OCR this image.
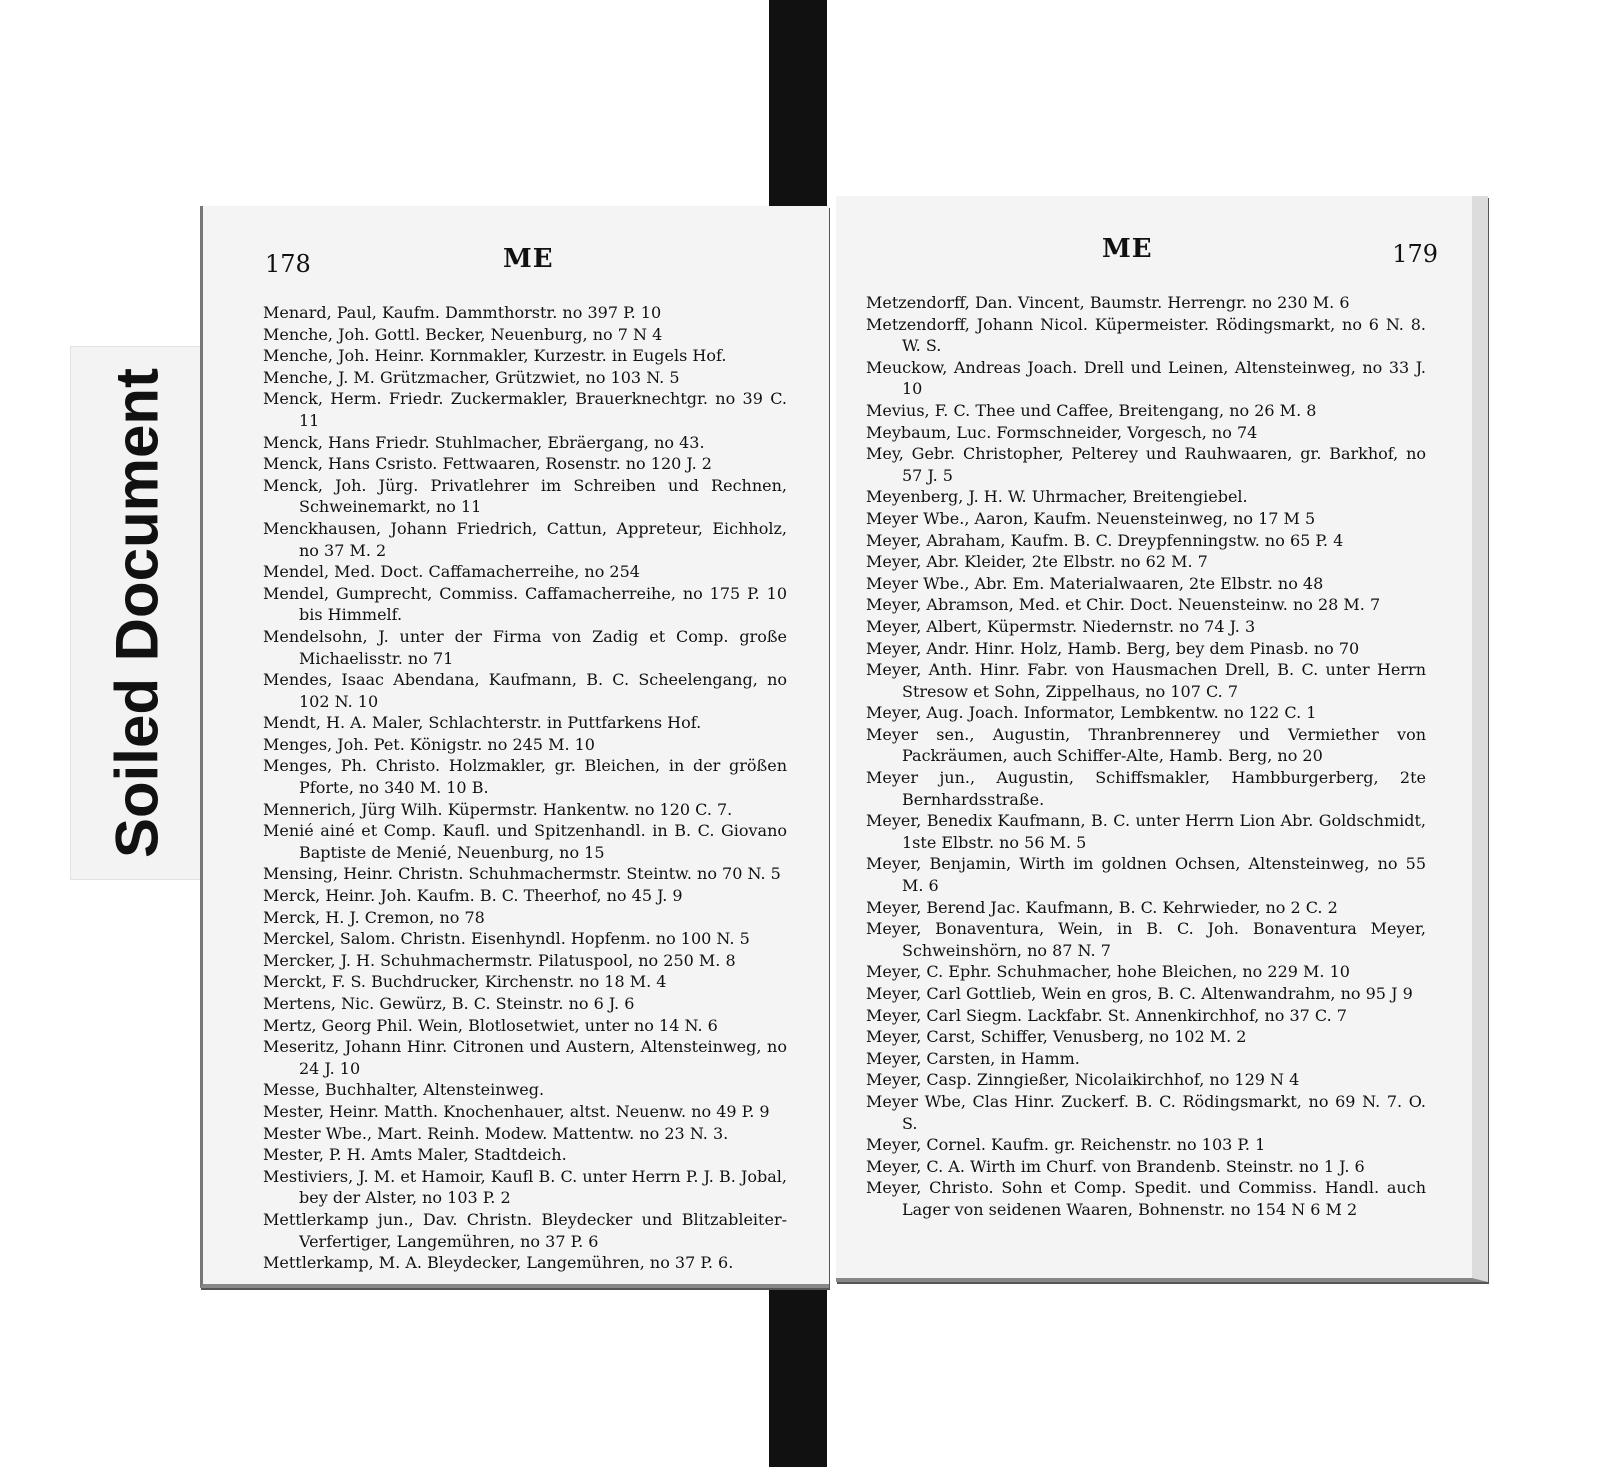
Soiled Document
178	ME
Menard, Paul, Kaufm. Dammthorstr. no 397 P. 10
Menche, Joh. Gottl. Becker, Neuenburg, no 7 N 4
Menche, Joh. Heinr. Kornmakler, Kurzestr. in Eugels Hof.
Menche, J. M. Grützmacher, Grützwiet, no 103 N. 5
Menck, Herm. Friedr. Zuckermakler, Brauerknechtgr. no 39 C. 11
Menck, Hans Friedr. Stuhlmacher, Ebräergang, no 43.
Menck, Hans Csristo. Fettwaaren, Rosenstr. no 120 J. 2
Menck, Joh. Jürg. Privatlehrer im Schreiben und Rechnen, Schweinemarkt, no 11
Menckhausen, Johann Friedrich, Cattun, Appreteur, Eichholz, no 37 M. 2
Mendel, Med. Doct. Caffamacherreihe, no 254
Mendel, Gumprecht, Commiss. Caffamacherreihe, no 175 P. 10 bis Himmelf.
Mendelsohn, J. unter der Firma von Zadig et Comp. große Michaelisstr. no 71
Mendes, Isaac Abendana, Kaufmann, B. C. Scheelengang, no 102 N. 10
Mendt, H. A. Maler, Schlachterstr. in Puttfarkens Hof.
Menges, Joh. Pet. Königstr. no 245 M. 10
Menges, Ph. Christo. Holzmakler, gr. Bleichen, in der größen Pforte, no 340 M. 10 B.
Mennerich, Jürg Wilh. Küpermstr. Hankentw. no 120 C. 7.
Menié ainé et Comp. Kaufl. und Spitzenhandl. in B. C. Giovano Baptiste de Menié, Neuenburg, no 15
Mensing, Heinr. Christn. Schuhmachermstr. Steintw. no 70 N. 5
Merck, Heinr. Joh. Kaufm. B. C. Theerhof, no 45 J. 9
Merck, H. J. Cremon, no 78
Merckel, Salom. Christn. Eisenhyndl. Hopfenm. no 100 N. 5
Mercker, J. H. Schuhmachermstr. Pilatuspool, no 250 M. 8
Merckt, F. S. Buchdrucker, Kirchenstr. no 18 M. 4
Mertens, Nic. Gewürz, B. C. Steinstr. no 6 J. 6
Mertz, Georg Phil. Wein, Blotlosetwiet, unter no 14 N. 6
Meseritz, Johann Hinr. Citronen und Austern, Altensteinweg, no 24 J. 10
Messe, Buchhalter, Altensteinweg.
Mester, Heinr. Matth. Knochenhauer, altst. Neuenw. no 49 P. 9
Mester Wbe., Mart. Reinh. Modew. Mattentw. no 23 N. 3.
Mester, P. H. Amts Maler, Stadtdeich.
Mestiviers, J. M. et Hamoir, Kaufl B. C. unter Herrn P. J. B. Jobal, bey der Alster, no 103 P. 2
Mettlerkamp jun., Dav. Christn. Bleydecker und Blitzableiter-Verfertiger, Langemühren, no 37 P. 6
Mettlerkamp, M. A. Bleydecker, Langemühren, no 37 P. 6.
ME	179
Metzendorff, Dan. Vincent, Baumstr. Herrengr. no 230 M. 6
Metzendorff, Johann Nicol. Küpermeister. Rödingsmarkt, no 6 N. 8. W. S.
Meuckow, Andreas Joach. Drell und Leinen, Altensteinweg, no 33 J. 10
Mevius, F. C. Thee und Caffee, Breitengang, no 26 M. 8
Meybaum, Luc. Formschneider, Vorgesch, no 74
Mey, Gebr. Christopher, Pelterey und Rauhwaaren, gr. Barkhof, no 57 J. 5
Meyenberg, J. H. W. Uhrmacher, Breitengiebel.
Meyer Wbe., Aaron, Kaufm. Neuensteinweg, no 17 M 5
Meyer, Abraham, Kaufm. B. C. Dreypfenningstw. no 65 P. 4
Meyer, Abr. Kleider, 2te Elbstr. no 62 M. 7
Meyer Wbe., Abr. Em. Materialwaaren, 2te Elbstr. no 48
Meyer, Abramson, Med. et Chir. Doct. Neuensteinw. no 28 M. 7
Meyer, Albert, Küpermstr. Niedernstr. no 74 J. 3
Meyer, Andr. Hinr. Holz, Hamb. Berg, bey dem Pinasb. no 70
Meyer, Anth. Hinr. Fabr. von Hausmachen Drell, B. C. unter Herrn Stresow et Sohn, Zippelhaus, no 107 C. 7
Meyer, Aug. Joach. Informator, Lembkentw. no 122 C. 1
Meyer sen., Augustin, Thranbrennerey und Vermiether von Packräumen, auch Schiffer-Alte, Hamb. Berg, no 20
Meyer jun., Augustin, Schiffsmakler, Hambburgerberg, 2te Bernhardsstraße.
Meyer, Benedix Kaufmann, B. C. unter Herrn Lion Abr. Goldschmidt, 1ste Elbstr. no 56 M. 5
Meyer, Benjamin, Wirth im goldnen Ochsen, Altensteinweg, no 55 M. 6
Meyer, Berend Jac. Kaufmann, B. C. Kehrwieder, no 2 C. 2
Meyer, Bonaventura, Wein, in B. C. Joh. Bonaventura Meyer, Schweinshörn, no 87 N. 7
Meyer, C. Ephr. Schuhmacher, hohe Bleichen, no 229 M. 10
Meyer, Carl Gottlieb, Wein en gros, B. C. Altenwandrahm, no 95 J 9
Meyer, Carl Siegm. Lackfabr. St. Annenkirchhof, no 37 C. 7
Meyer, Carst, Schiffer, Venusberg, no 102 M. 2
Meyer, Carsten, in Hamm.
Meyer, Casp. Zinngießer, Nicolaikirchhof, no 129 N 4
Meyer Wbe, Clas Hinr. Zuckerf. B. C. Rödingsmarkt, no 69 N. 7. O. S.
Meyer, Cornel. Kaufm. gr. Reichenstr. no 103 P. 1
Meyer, C. A. Wirth im Churf. von Brandenb. Steinstr. no 1 J. 6
Meyer, Christo. Sohn et Comp. Spedit. und Commiss. Handl. auch Lager von seidenen Waaren, Bohnenstr. no 154 N 6 M 2
